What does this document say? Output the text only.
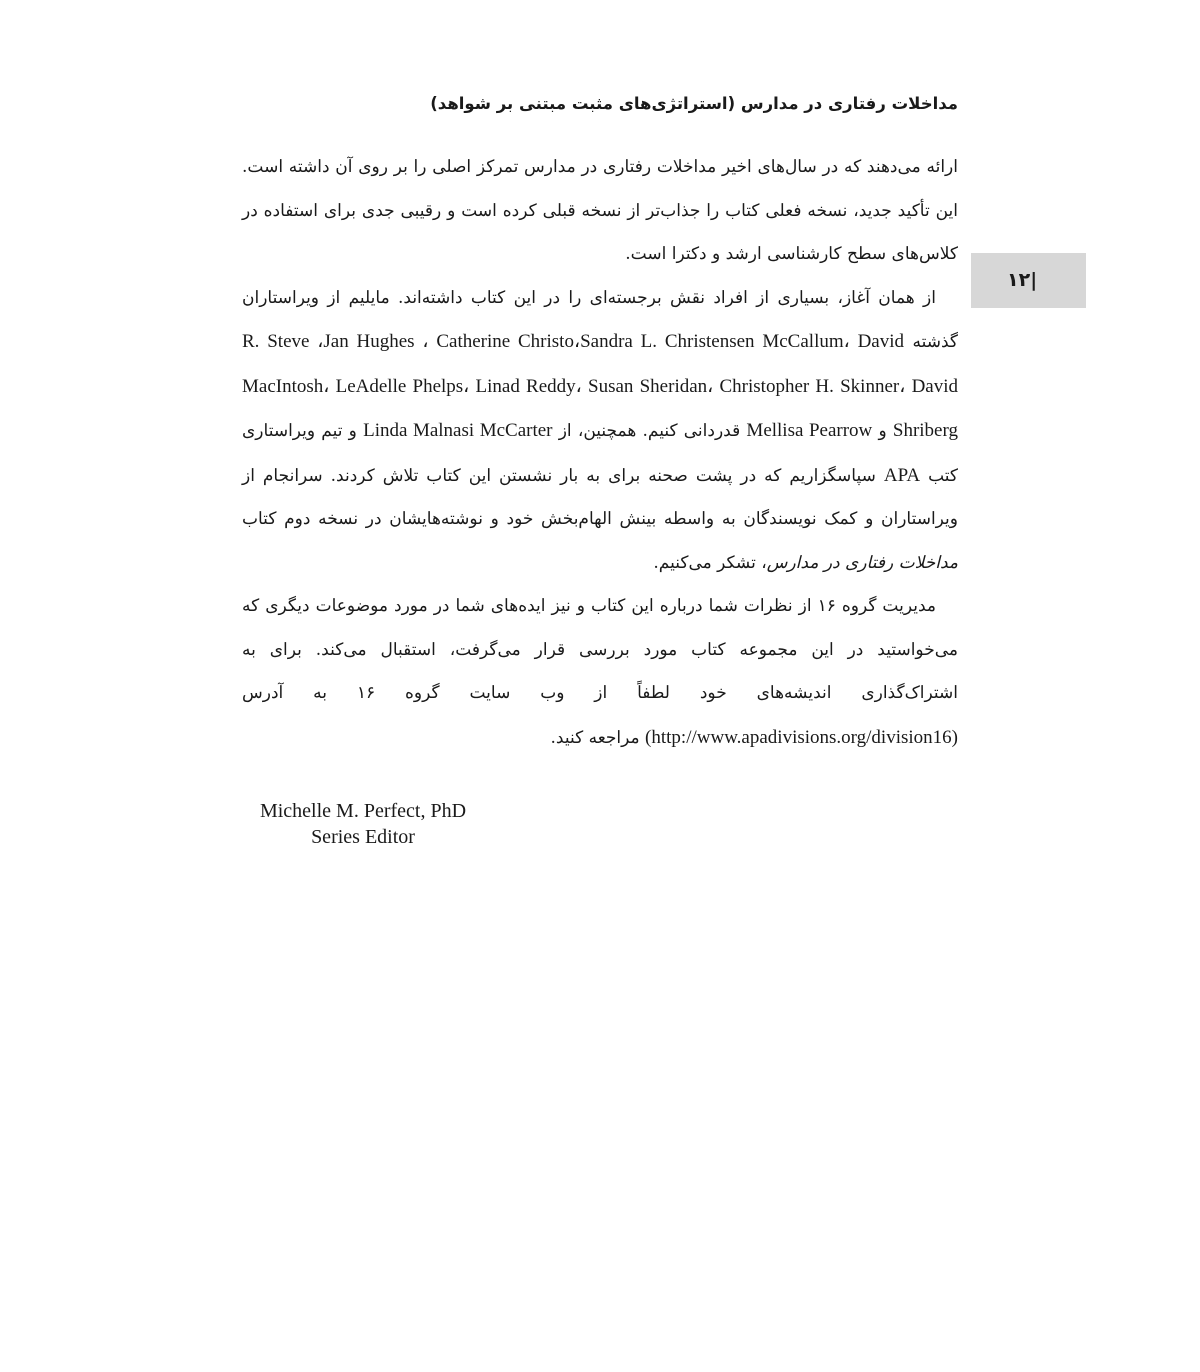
مداخلات رفتاری در مدارس (استراتژی‌های مثبت مبتنی بر شواهد)
۱۲|

ارائه می‌دهند که در سال‌های اخیر مداخلات رفتاری در مدارس تمرکز اصلی را بر روی آن داشته است. این تأکید جدید، نسخه فعلی کتاب را جذاب‌تر از نسخه قبلی کرده است و رقیبی جدی برای استفاده در کلاس‌های سطح کارشناسی ارشد و دکترا است.

از همان آغاز، بسیاری از افراد نقش برجسته‌ای را در این کتاب داشته‌اند. مایلیم از ویراستاران گذشته R. Steve ،Jan Hughes ، Catherine Christo،Sandra L. Christensen McCallum، David MacIntosh، LeAdelle Phelps، Linad Reddy، Susan Sheridan، Christopher H. Skinner، David Shriberg و Mellisa Pearrow قدردانی کنیم. همچنین، از Linda Malnasi McCarter و تیم ویراستاری کتب APA سپاسگزاریم که در پشت صحنه برای به بار نشستن این کتاب تلاش کردند. سرانجام از ویراستاران و کمک نویسندگان به واسطه بینش الهام‌بخش خود و نوشته‌هایشان در نسخه دوم کتاب مداخلات رفتاری در مدارس، تشکر می‌کنیم.

مدیریت گروه ۱۶ از نظرات شما درباره این کتاب و نیز ایده‌های شما در مورد موضوعات دیگری که می‌خواستید در این مجموعه کتاب مورد بررسی قرار می‌گرفت، استقبال می‌کند. برای به اشتراک‌گذاری اندیشه‌های خود لطفاً از وب سایت گروه ۱۶ به آدرس (http://www.apadivisions.org/division16) مراجعه کنید.

Michelle M. Perfect, PhD
Series Editor
